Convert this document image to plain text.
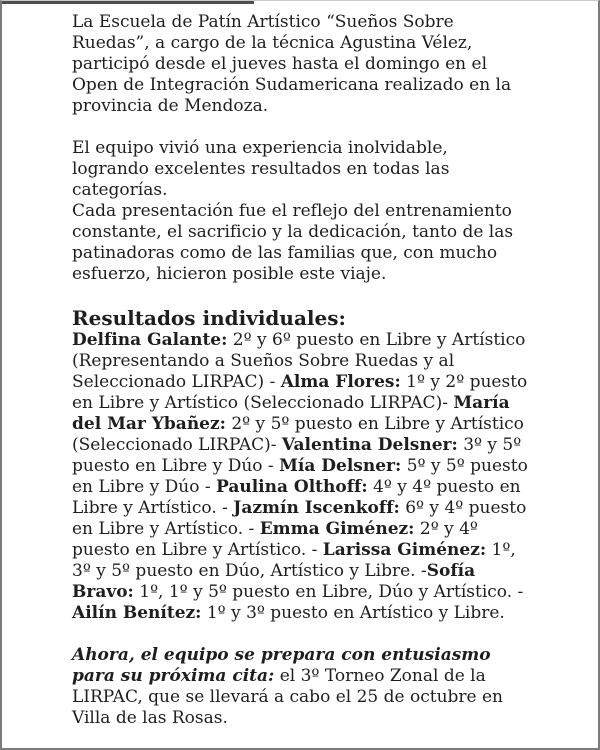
La Escuela de Patín Artístico “Sueños Sobre Ruedas”, a cargo de la técnica Agustina Vélez, participó desde el jueves hasta el domingo en el Open de Integración Sudamericana realizado en la provincia de Mendoza.

El equipo vivió una experiencia inolvidable, logrando excelentes resultados en todas las categorías.
Cada presentación fue el reflejo del entrenamiento constante, el sacrificio y la dedicación, tanto de las patinadoras como de las familias que, con mucho esfuerzo, hicieron posible este viaje.

Resultados individuales:

Delfina Galante: 2º y 6º puesto en Libre y Artístico (Representando a Sueños Sobre Ruedas y al Seleccionado LIRPAC) - Alma Flores: 1º y 2º puesto en Libre y Artístico (Seleccionado LIRPAC)- María del Mar Ybañez: 2º y 5º puesto en Libre y Artístico (Seleccionado LIRPAC)- Valentina Delsner: 3º y 5º puesto en Libre y Dúo - Mía Delsner: 5º y 5º puesto en Libre y Dúo - Paulina Olthoff: 4º y 4º puesto en Libre y Artístico. - Jazmín Iscenkoff: 6º y 4º puesto en Libre y Artístico. - Emma Giménez: 2º y 4º puesto en Libre y Artístico. - Larissa Giménez: 1º, 3º y 5º puesto en Dúo, Artístico y Libre. -Sofía Bravo: 1º, 1º y 5º puesto en Libre, Dúo y Artístico. - Ailín Benítez: 1º y 3º puesto en Artístico y Libre.

Ahora, el equipo se prepara con entusiasmo para su próxima cita: el 3º Torneo Zonal de la LIRPAC, que se llevará a cabo el 25 de octubre en Villa de las Rosas.
